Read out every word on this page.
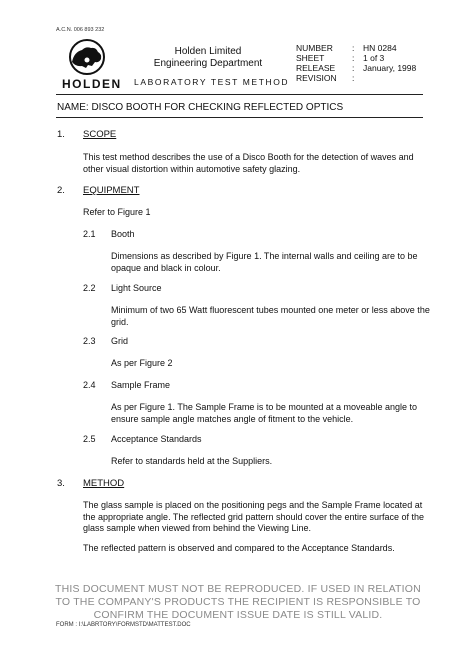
A.C.N. 006 893 232
HOLDEN
Holden Limited
Engineering Department
LABORATORY TEST METHOD
NUMBER : HN 0284
SHEET	: 1 of 3
RELEASE : January, 1998
REVISION :
NAME: DISCO BOOTH FOR CHECKING REFLECTED OPTICS
1. SCOPE
This test method describes the use of a Disco Booth for the detection of waves and other visual distortion within automotive safety glazing.
2. EQUIPMENT
Refer to Figure 1
2.1 Booth
Dimensions as described by Figure 1. The internal walls and ceiling are to be opaque and black in colour.
2.2 Light Source
Minimum of two 65 Watt fluorescent tubes mounted one meter or less above the grid.
2.3 Grid
As per Figure 2
2.4 Sample Frame
As per Figure 1. The Sample Frame is to be mounted at a moveable angle to ensure sample angle matches angle of fitment to the vehicle.
2.5 Acceptance Standards
Refer to standards held at the Suppliers.
3. METHOD
The glass sample is placed on the positioning pegs and the Sample Frame located at the appropriate angle. The reflected grid pattern should cover the entire surface of the glass sample when viewed from behind the Viewing Line.
The reflected pattern is observed and compared to the Acceptance Standards.
THIS DOCUMENT MUST NOT BE REPRODUCED. IF USED IN RELATION TO THE COMPANY'S PRODUCTS THE RECIPIENT IS RESPONSIBLE TO CONFIRM THE DOCUMENT ISSUE DATE IS STILL VALID.
FORM : I:\LABRTORY\FORMSTD\MATTEST.DOC
